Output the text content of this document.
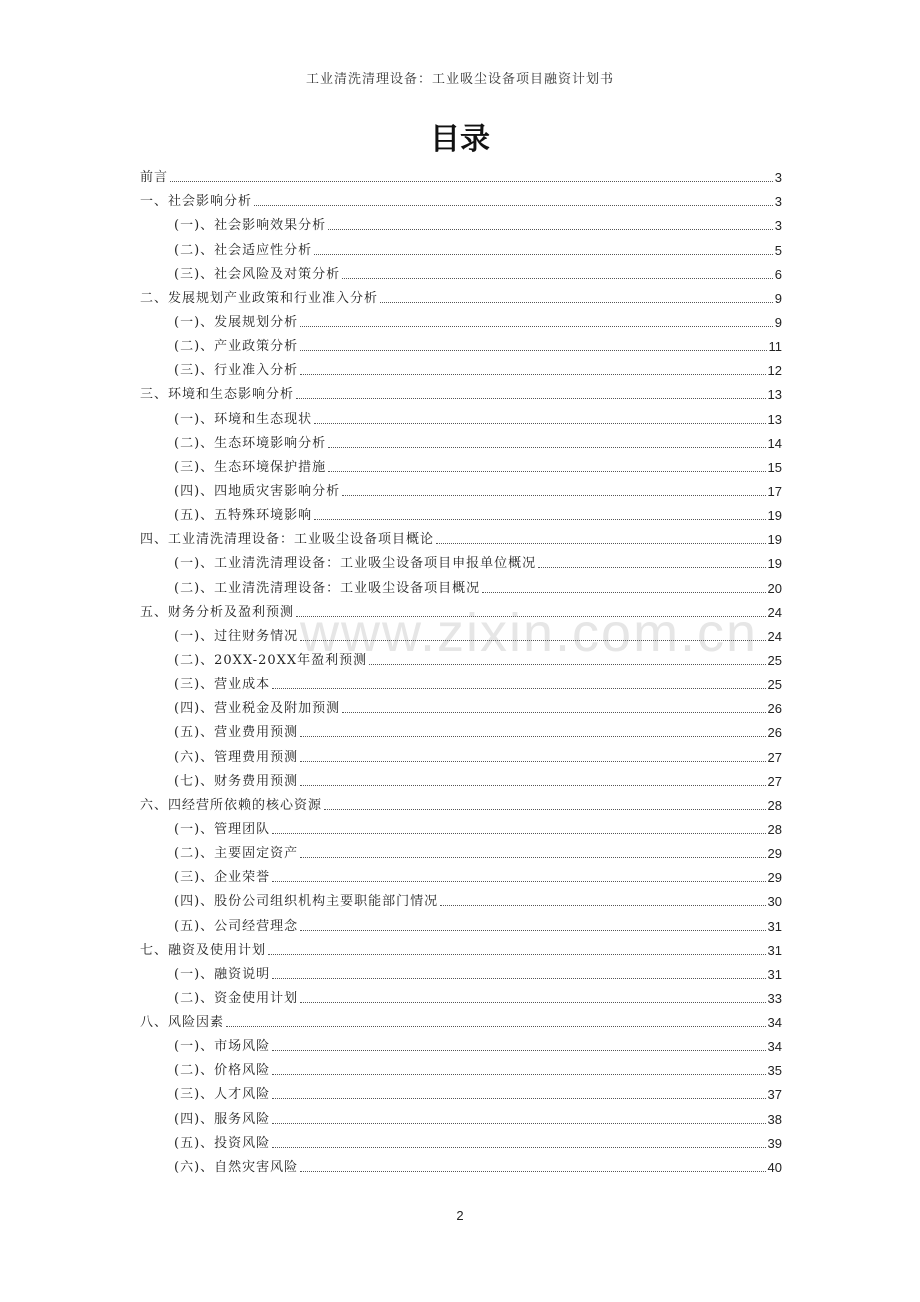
工业清洗清理设备：工业吸尘设备项目融资计划书
目录
www.zixin.com.cn
前言	3
一、社会影响分析	3
(一)、社会影响效果分析	3
(二)、社会适应性分析	5
(三)、社会风险及对策分析	6
二、发展规划产业政策和行业准入分析	9
(一)、发展规划分析	9
(二)、产业政策分析	11
(三)、行业准入分析	12
三、环境和生态影响分析	13
(一)、环境和生态现状	13
(二)、生态环境影响分析	14
(三)、生态环境保护措施	15
(四)、四地质灾害影响分析	17
(五)、五特殊环境影响	19
四、工业清洗清理设备：工业吸尘设备项目概论	19
(一)、工业清洗清理设备：工业吸尘设备项目申报单位概况	19
(二)、工业清洗清理设备：工业吸尘设备项目概况	20
五、财务分析及盈利预测	24
(一)、过往财务情况	24
(二)、20XX-20XX年盈利预测	25
(三)、营业成本	25
(四)、营业税金及附加预测	26
(五)、营业费用预测	26
(六)、管理费用预测	27
(七)、财务费用预测	27
六、四经营所依赖的核心资源	28
(一)、管理团队	28
(二)、主要固定资产	29
(三)、企业荣誉	29
(四)、股份公司组织机构主要职能部门情况	30
(五)、公司经营理念	31
七、融资及使用计划	31
(一)、融资说明	31
(二)、资金使用计划	33
八、风险因素	34
(一)、市场风险	34
(二)、价格风险	35
(三)、人才风险	37
(四)、服务风险	38
(五)、投资风险	39
(六)、自然灾害风险	40
2
